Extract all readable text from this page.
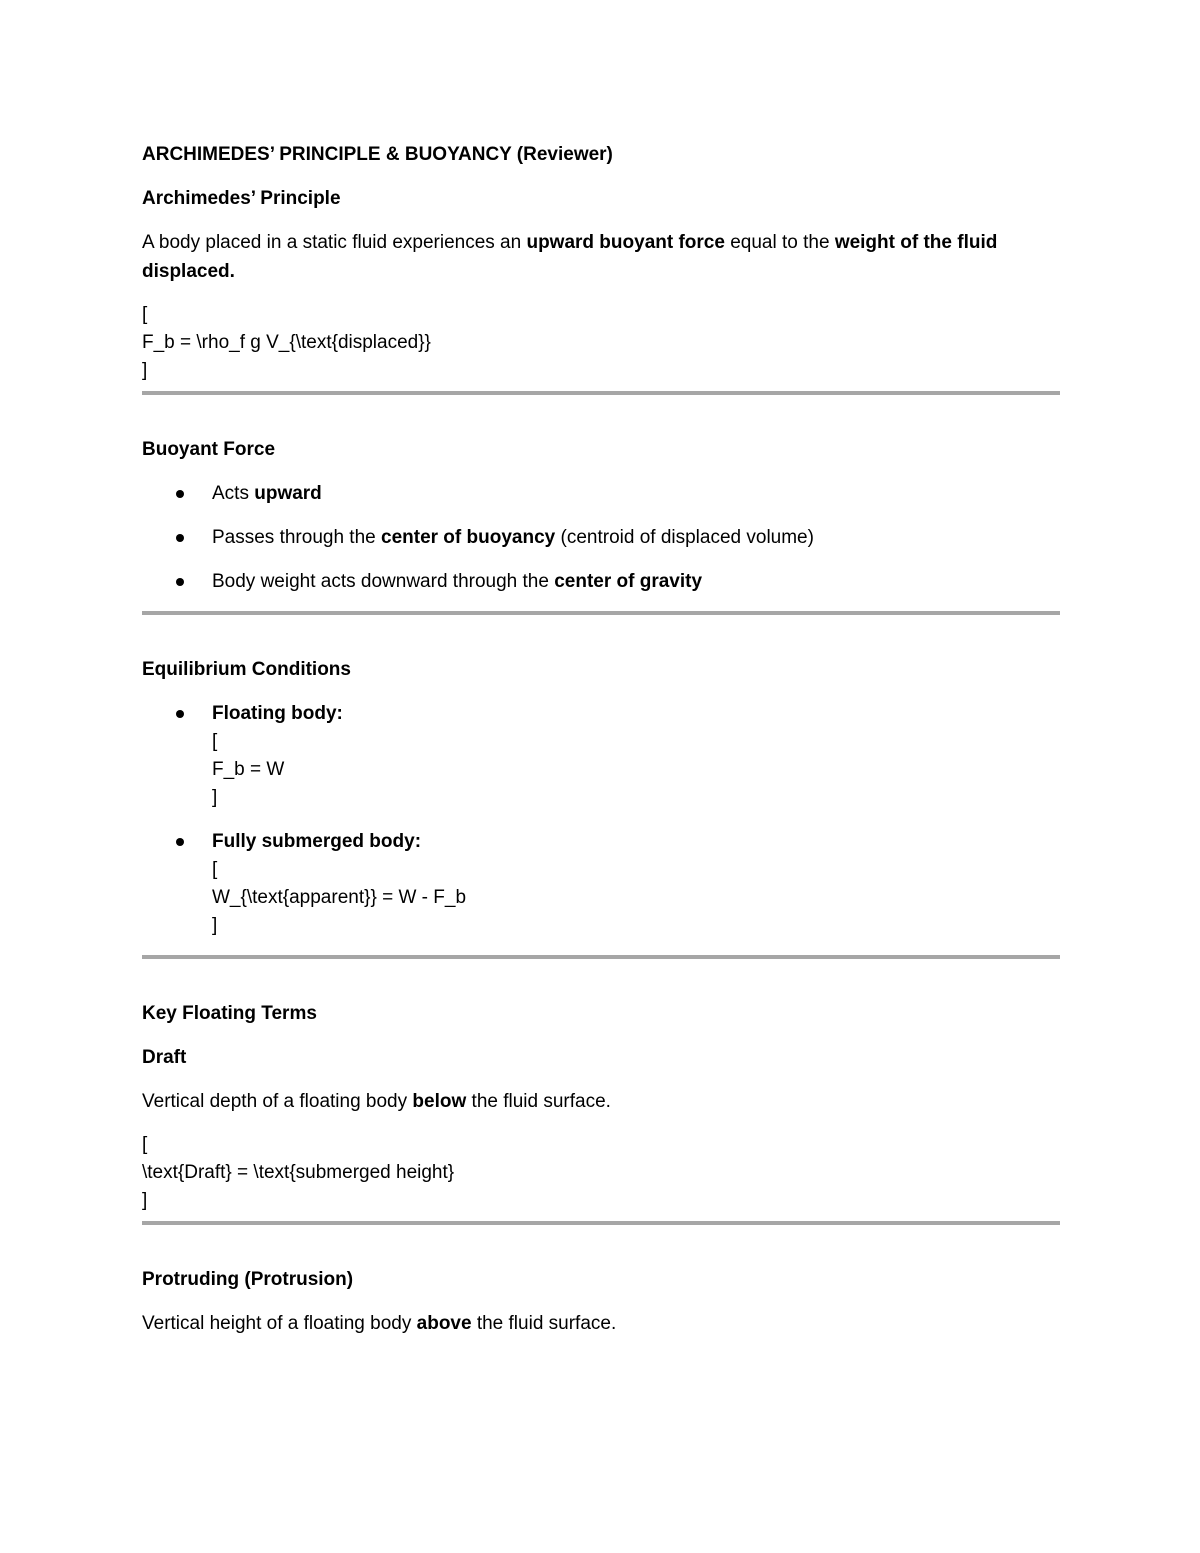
ARCHIMEDES’ PRINCIPLE & BUOYANCY (Reviewer)

Archimedes’ Principle

A body placed in a static fluid experiences an upward buoyant force equal to the weight of the fluid displaced.

[
F_b = \rho_f g V_{\text{displaced}}
]

Buoyant Force

Acts upward
Passes through the center of buoyancy (centroid of displaced volume)
Body weight acts downward through the center of gravity

Equilibrium Conditions

Floating body:
[
F_b = W
]
Fully submerged body:
[
W_{\text{apparent}} = W - F_b
]

Key Floating Terms

Draft

Vertical depth of a floating body below the fluid surface.

[
\text{Draft} = \text{submerged height}
]

Protruding (Protrusion)

Vertical height of a floating body above the fluid surface.
